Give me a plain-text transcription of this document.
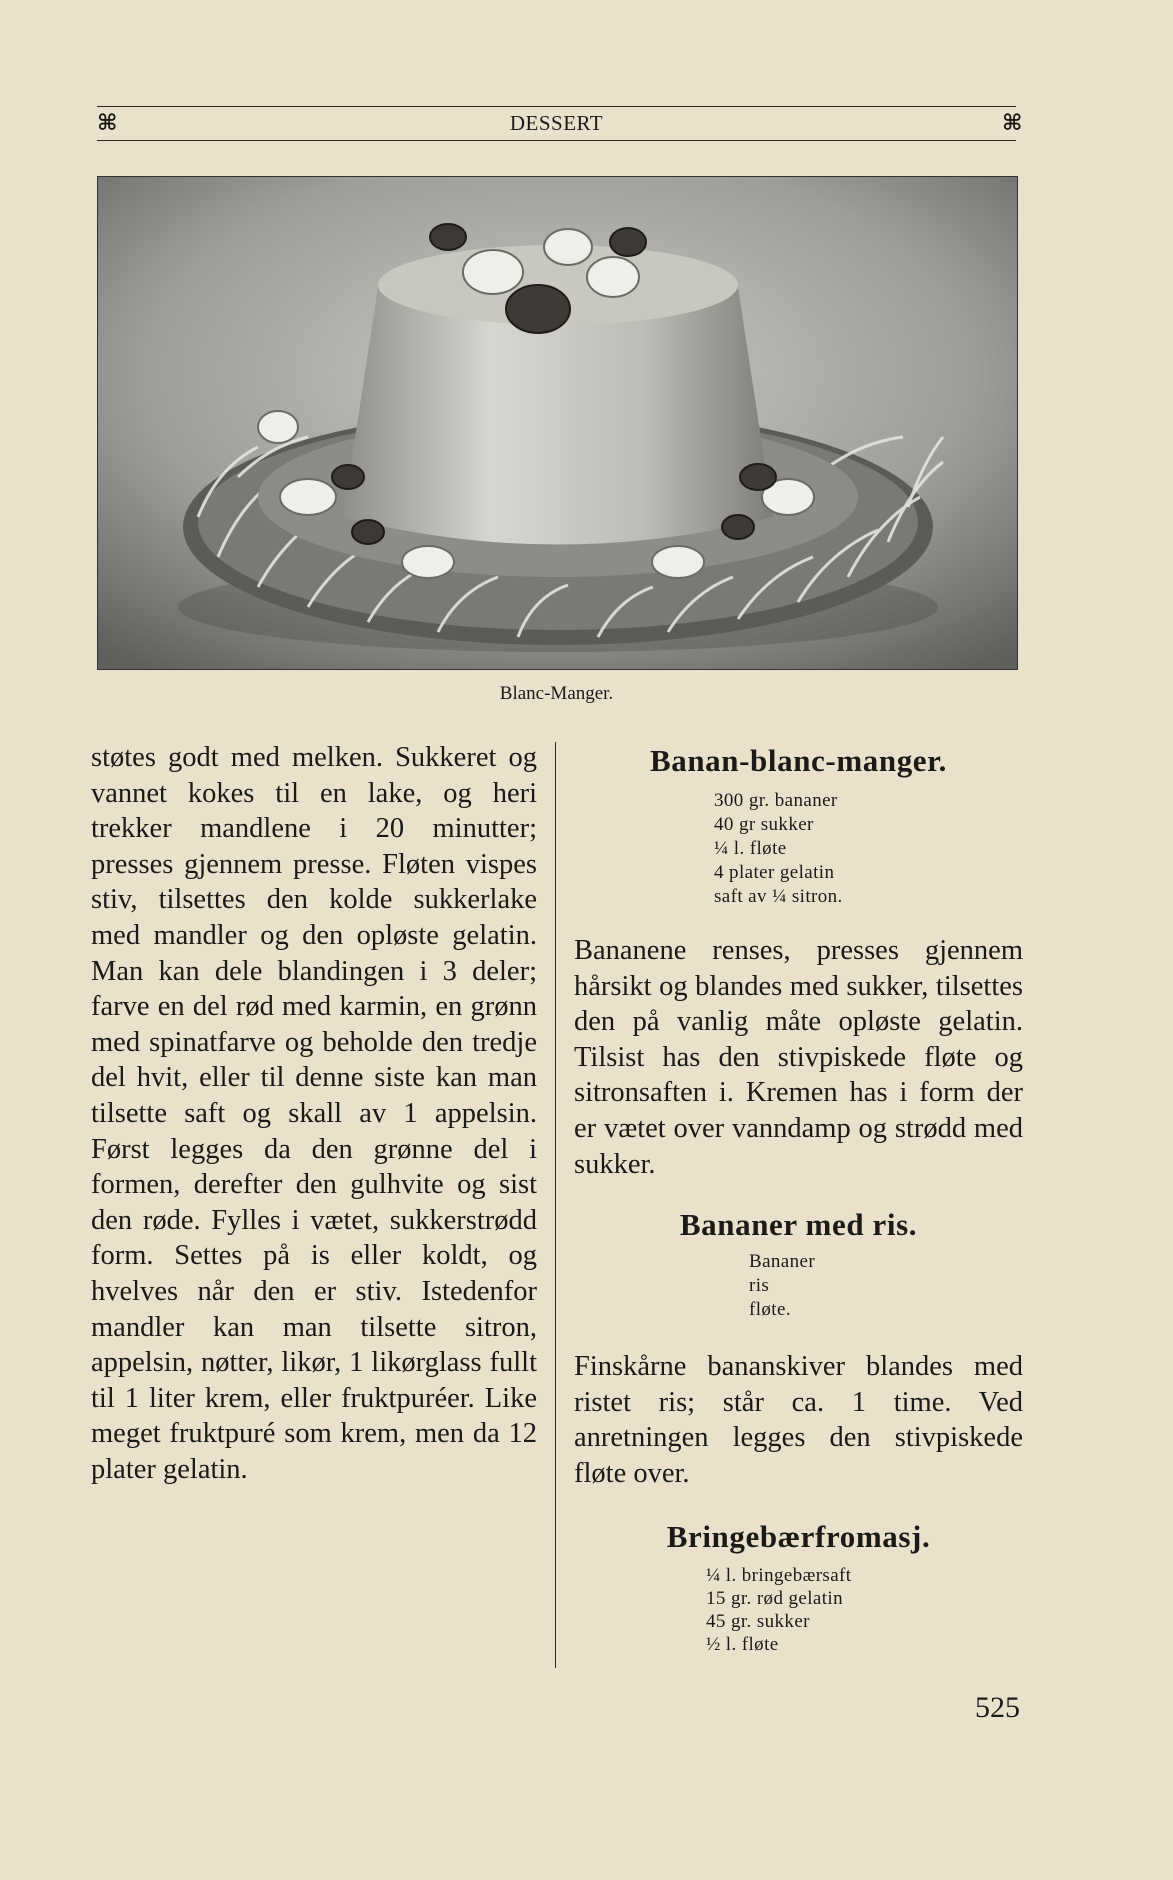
⌘	DESSERT	⌘
Blanc-Manger.

støtes godt med melken. Sukkeret og vannet kokes til en lake, og heri trekker mandlene i 20 minutter; presses gjennem presse. Fløten vispes stiv, tilsettes den kolde sukkerlake med mandler og den opløste gelatin. Man kan dele blandingen i 3 deler; farve en del rød med karmin, en grønn med spinatfarve og beholde den tredje del hvit, eller til denne siste kan man tilsette saft og skall av 1 appelsin. Først legges da den grønne del i formen, derefter den gulhvite og sist den røde. Fylles i vætet, sukkerstrødd form. Settes på is eller koldt, og hvelves når den er stiv. Istedenfor mandler kan man tilsette sitron, appelsin, nøtter, likør, 1 likørglass fullt til 1 liter krem, eller fruktpuréer. Like meget fruktpuré som krem, men da 12 plater gelatin.

Banan-blanc-manger.
300 gr. bananer
40 gr sukker
¼ l. fløte
4 plater gelatin
saft av ¼ sitron.

Bananene renses, presses gjennem hårsikt og blandes med sukker, tilsettes den på vanlig måte opløste gelatin. Tilsist has den stivpiskede fløte og sitronsaften i. Kremen has i form der er vætet over vanndamp og strødd med sukker.

Bananer med ris.
Bananer
ris
fløte.

Finskårne bananskiver blandes med ristet ris; står ca. 1 time. Ved anretningen legges den stivpiskede fløte over.

Bringebærfromasj.
¼ l. bringebærsaft
15 gr. rød gelatin
45 gr. sukker
½ l. fløte
525
